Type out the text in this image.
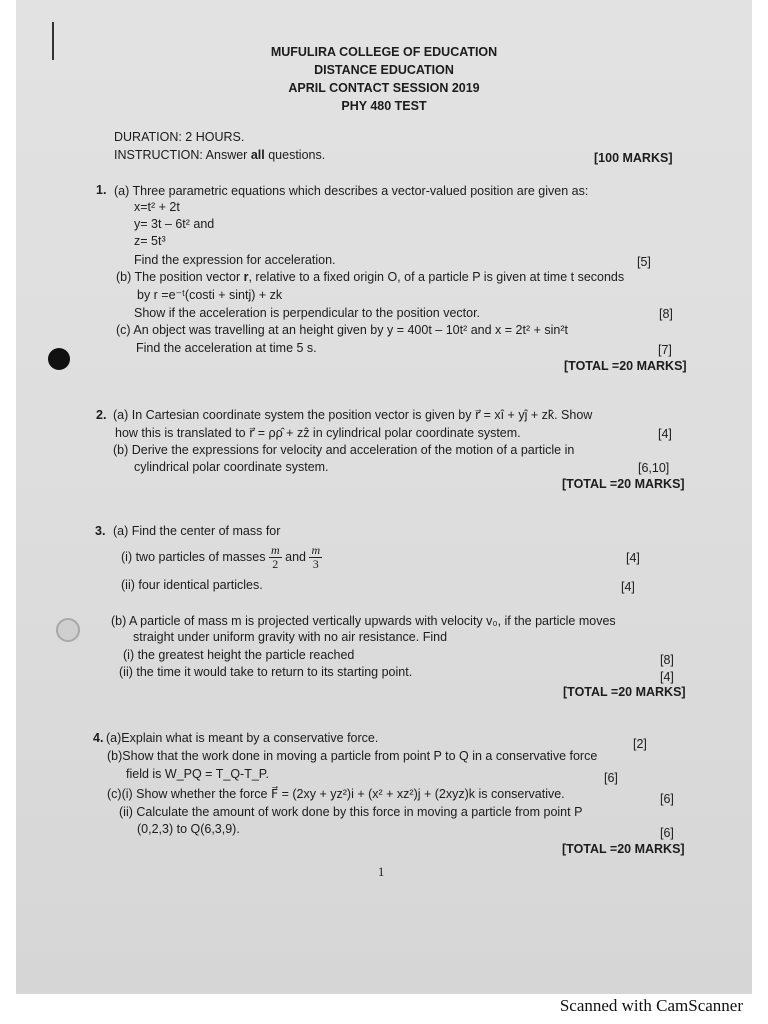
MUFULIRA COLLEGE OF EDUCATION
DISTANCE EDUCATION
APRIL CONTACT SESSION 2019
PHY 480 TEST
DURATION: 2 HOURS.
INSTRUCTION: Answer all questions.	[100 MARKS]
1. (a) Three parametric equations which describes a vector-valued position are given as:
x=t² + 2t
y= 3t – 6t² and
z= 5t³
Find the expression for acceleration.	[5]
(b) The position vector r, relative to a fixed origin O, of a particle P is given at time t seconds
by r =e⁻ᵗ(costi + sintj) + zk
Show if the acceleration is perpendicular to the position vector.	[8]
(c) An object was travelling at an height given by y = 400t – 10t² and x = 2t² + sin²t
Find the acceleration at time 5 s.	[7]
[TOTAL =20 MARKS]
2. (a) In Cartesian coordinate system the position vector is given by r⃗ = xî + yĵ + zk̂. Show
how this is translated to r⃗ = ρρ̂ + zẑ in cylindrical polar coordinate system.	[4]
(b) Derive the expressions for velocity and acceleration of the motion of a particle in
cylindrical polar coordinate system.	[6,10]
[TOTAL =20 MARKS]
3. (a) Find the center of mass for
(i) two particles of masses $\frac{m}{2}$ and $\frac{m}{3}$	[4]
(ii) four identical particles.	[4]
(b) A particle of mass m is projected vertically upwards with velocity v₀, if the particle moves
straight under uniform gravity with no air resistance. Find
(i) the greatest height the particle reached	[8]
(ii) the time it would take to return to its starting point.	[4]
[TOTAL =20 MARKS]
4. (a)Explain what is meant by a conservative force.	[2]
(b)Show that the work done in moving a particle from point P to Q in a conservative force
field is W_PQ = T_Q-T_P.	[6]
(c)(i) Show whether the force F⃗ = (2xy + yz²)i + (x² + xz²)j + (2xyz)k is conservative.	[6]
(ii) Calculate the amount of work done by this force in moving a particle from point P
(0,2,3) to Q(6,3,9).	[6]
[TOTAL =20 MARKS]
1
Scanned with CamScanner
